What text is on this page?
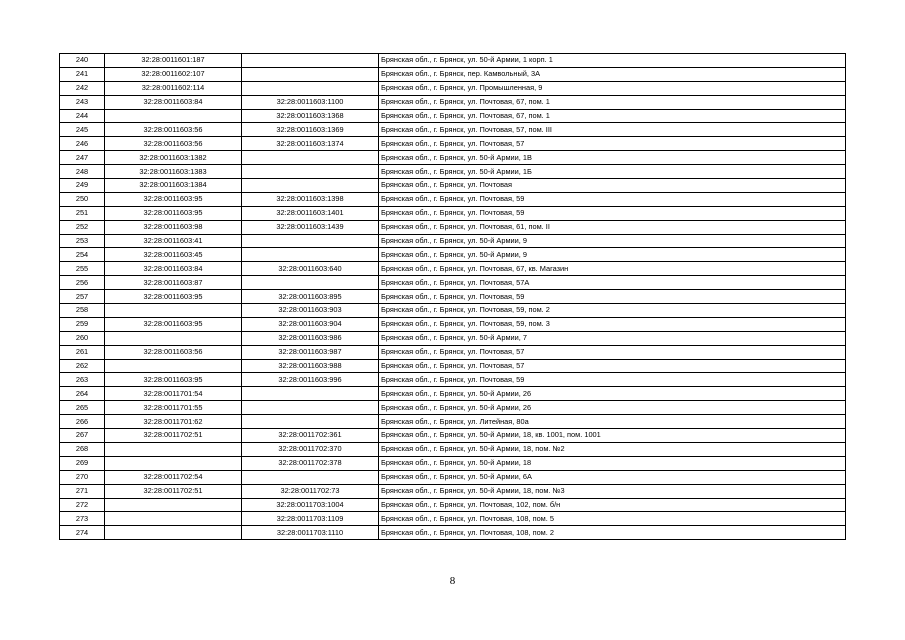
240	32:28:0011601:187		Брянская обл., г. Брянск, ул. 50-й Армии, 1 корп. 1
241	32:28:0011602:107		Брянская обл., г. Брянск, пер. Камвольный, 3А
242	32:28:0011602:114		Брянская обл., г. Брянск, ул. Промышленная, 9
243	32:28:0011603:84	32:28:0011603:1100	Брянская обл., г. Брянск, ул. Почтовая, 67, пом. 1
244		32:28:0011603:1368	Брянская обл., г. Брянск, ул. Почтовая, 67, пом. 1
245	32:28:0011603:56	32:28:0011603:1369	Брянская обл., г. Брянск, ул. Почтовая, 57, пом. III
246	32:28:0011603:56	32:28:0011603:1374	Брянская обл., г. Брянск, ул. Почтовая, 57
247	32:28:0011603:1382		Брянская обл., г. Брянск, ул. 50-й Армии, 1В
248	32:28:0011603:1383		Брянская обл., г. Брянск, ул. 50-й Армии, 1Б
249	32:28:0011603:1384		Брянская обл., г. Брянск, ул. Почтовая
250	32:28:0011603:95	32:28:0011603:1398	Брянская обл., г. Брянск, ул. Почтовая, 59
251	32:28:0011603:95	32:28:0011603:1401	Брянская обл., г. Брянск, ул. Почтовая, 59
252	32:28:0011603:98	32:28:0011603:1439	Брянская обл., г. Брянск, ул. Почтовая, 61, пом. II
253	32:28:0011603:41		Брянская обл., г. Брянск, ул. 50-й Армии, 9
254	32:28:0011603:45		Брянская обл., г. Брянск, ул. 50-й Армии, 9
255	32:28:0011603:84	32:28:0011603:640	Брянская обл., г. Брянск, ул. Почтовая, 67, кв. Магазин
256	32:28:0011603:87		Брянская обл., г. Брянск, ул. Почтовая, 57А
257	32:28:0011603:95	32:28:0011603:895	Брянская обл., г. Брянск, ул. Почтовая, 59
258		32:28:0011603:903	Брянская обл., г. Брянск, ул. Почтовая, 59, пом. 2
259	32:28:0011603:95	32:28:0011603:904	Брянская обл., г. Брянск, ул. Почтовая, 59, пом. 3
260		32:28:0011603:986	Брянская обл., г. Брянск, ул. 50-й Армии, 7
261	32:28:0011603:56	32:28:0011603:987	Брянская обл., г. Брянск, ул. Почтовая, 57
262		32:28:0011603:988	Брянская обл., г. Брянск, ул. Почтовая, 57
263	32:28:0011603:95	32:28:0011603:996	Брянская обл., г. Брянск, ул. Почтовая, 59
264	32:28:0011701:54		Брянская обл., г. Брянск, ул. 50-й Армии, 26
265	32:28:0011701:55		Брянская обл., г. Брянск, ул. 50-й Армии, 26
266	32:28:0011701:62		Брянская обл., г. Брянск, ул. Литейная, 80а
267	32:28:0011702:51	32:28:0011702:361	Брянская обл., г. Брянск, ул. 50-й Армии, 18, кв. 1001, пом. 1001
268		32:28:0011702:370	Брянская обл., г. Брянск, ул. 50-й Армии, 18, пом. №2
269		32:28:0011702:378	Брянская обл., г. Брянск, ул. 50-й Армии, 18
270	32:28:0011702:54		Брянская обл., г. Брянск, ул. 50-й Армии, 6А
271	32:28:0011702:51	32:28:0011702:73	Брянская обл., г. Брянск, ул. 50-й Армии, 18, пом. №3
272		32:28:0011703:1004	Брянская обл., г. Брянск, ул. Почтовая, 102, пом. б/н
273		32:28:0011703:1109	Брянская обл., г. Брянск, ул. Почтовая, 108, пом. 5
274		32:28:0011703:1110	Брянская обл., г. Брянск, ул. Почтовая, 108, пом. 2
8
